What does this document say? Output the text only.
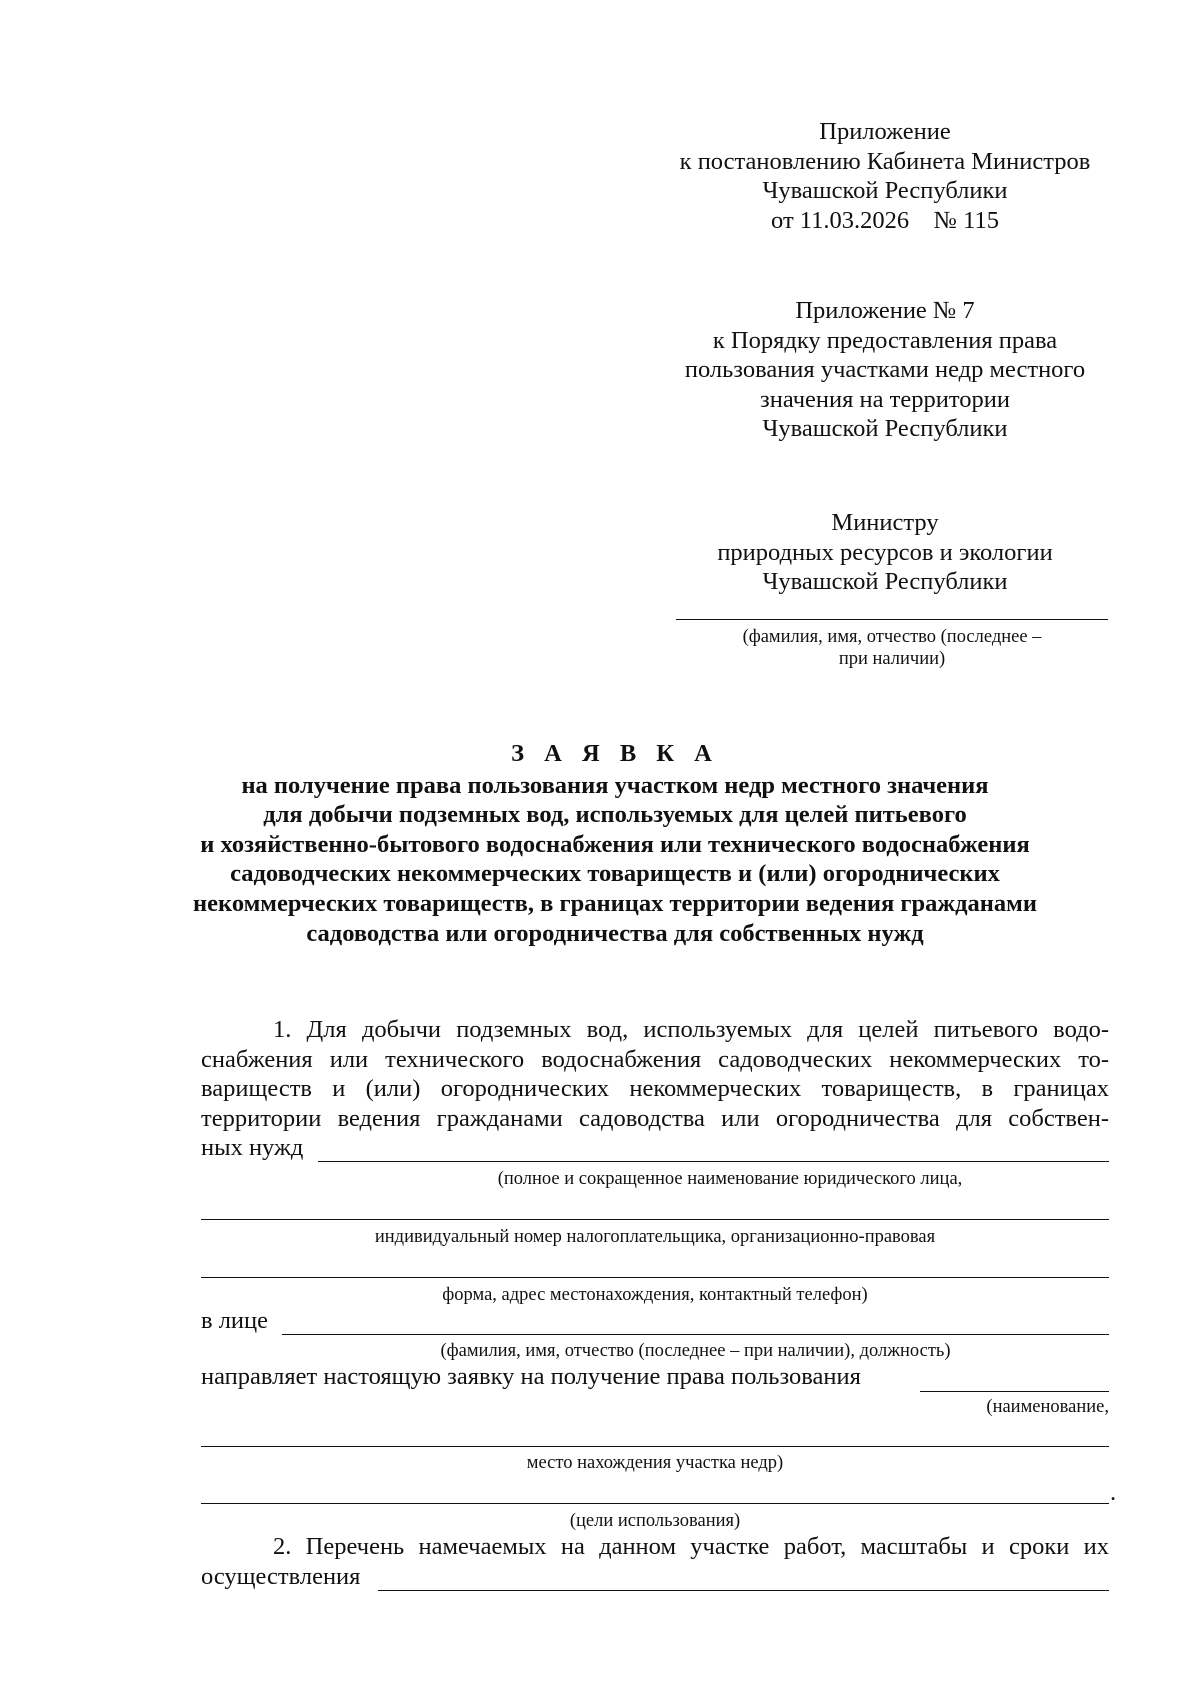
Приложение
к постановлению Кабинета Министров
Чувашской Республики
от 11.03.2026    № 115
Приложение № 7
к Порядку предоставления права
пользования участками недр местного
значения на территории
Чувашской Республики
Министру
природных ресурсов и экологии
Чувашской Республики
(фамилия, имя, отчество (последнее –
при наличии)
З А Я В К А
на получение права пользования участком недр местного значения
для добычи подземных вод, используемых для целей питьевого
и хозяйственно-бытового водоснабжения или технического водоснабжения
садоводческих некоммерческих товариществ и (или) огороднических
некоммерческих товариществ, в границах территории ведения гражданами
садоводства или огородничества для собственных нужд
1. Для добычи подземных вод, используемых для целей питьевого водо-
снабжения или технического водоснабжения садоводческих некоммерческих то-
вариществ и (или) огороднических некоммерческих товариществ, в границах
территории ведения гражданами садоводства или огородничества для собствен-
ных нужд
(полное и сокращенное наименование юридического лица,
индивидуальный номер налогоплательщика, организационно-правовая
форма, адрес местонахождения, контактный телефон)
в лице
(фамилия, имя, отчество (последнее – при наличии), должность)
направляет настоящую заявку на получение права пользования
(наименование,
место нахождения участка недр)
.
(цели использования)
2. Перечень намечаемых на данном участке работ, масштабы и сроки их
осуществления
